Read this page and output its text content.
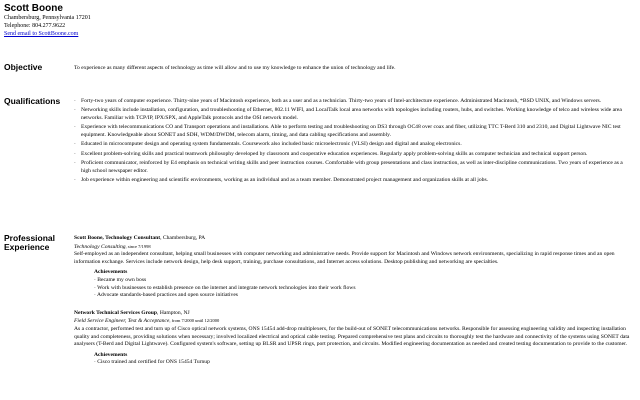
Scott Boone
Chambersburg, Pennsylvania 17201
Telephone: 804.277.9622
Send email to ScottBoone.com
Objective	To experience as many different aspects of technology as time will allow and to use my knowledge to enhance the union of technology and life.
Qualifications
·	Forty-two years of computer experience. Thirty-nine years of Macintosh experience, both as a user and as a technician. Thirty-two years of Intel-architecture experience. Administrated Macintosh, *BSD UNIX, and Windows servers.
· Networking skills include installation, configuration, and troubleshooting of Ethernet, 802.11 WIFI, and LocalTalk local area networks with topologies including routers, hubs, and switches. Working knowledge of telco and wireless wide area networks. Familiar with TCP/IP, IPX/SPX, and AppleTalk protocols and the OSI network model.
· Experience with telecommunications CO and Transport operations and installations. Able to perform testing and troubleshooting on DS3 through OC48 over coax and fiber, utilizing TTC T-Berd 310 and 2310, and Digital Lightwave NIC test equipment. Knowledgeable about SONET and SDH, WDM/DWDM, telecom alarm, timing, and data cabling specifications and assembly.
· Educated in microcomputer design and operating system fundamentals. Coursework also included basic microelectronic (VLSI) design and digital and analog electronics.
· Excellent problem-solving skills and practical teamwork philosophy developed by classroom and cooperative education experiences. Regularly apply problem-solving skills as computer technician and technical support person.
· Proficient communicator, reinforced by E4 emphasis on technical writing skills and peer instruction courses. Comfortable with group presentations and class instruction, as well as inter-discipline communications. Two years of experience as a high school newspaper editor.
· Job experience within engineering and scientific environments, working as an individual and as a team member. Demonstrated project management and organization skills at all jobs.
Professional Experience
Scott Boone, Technology Consultant, Chambersburg, PA
Technology Consulting, since 7/1998
Self-employed as an independent consultant, helping small businesses with computer networking and administrative needs. Provide support for Macintosh and Windows network environments, specializing in rapid response times and an open information exchange. Services include network design, help desk support, training, purchase consultations, and Internet access solutions. Desktop publishing and networking are specialties.
Achievements
· Became my own boss
· Work with businesses to establish presence on the internet and integrate network technologies into their work flows
· Advocate standards-based practices and open source initiatives
Network Technical Services Group, Hampton, NJ
Field Service Engineer, Test & Acceptance, from 7/2000 until 12/2000
As a contractor, performed test and turn up of Cisco optical network systems, ONS 15454 add-drop multiplexers, for the build-out of SONET telecommunications networks. Responsible for assessing engineering validity and inspecting installation quality and completeness, providing solutions when necessary; involved localized electrical and optical cable testing. Prepared comprehensive test plans and circuits to thoroughly test the hardware and connectivity of the systems using SONET data analysers (T-Berd and Digital Lightwave). Configured system's software, setting up BLSR and UPSR rings, port protection, and circuits. Modified engineering documentation as needed and created testing documentation to provide to the customer.
Achievements
· Cisco trained and certified for ONS 15454 Turnup
